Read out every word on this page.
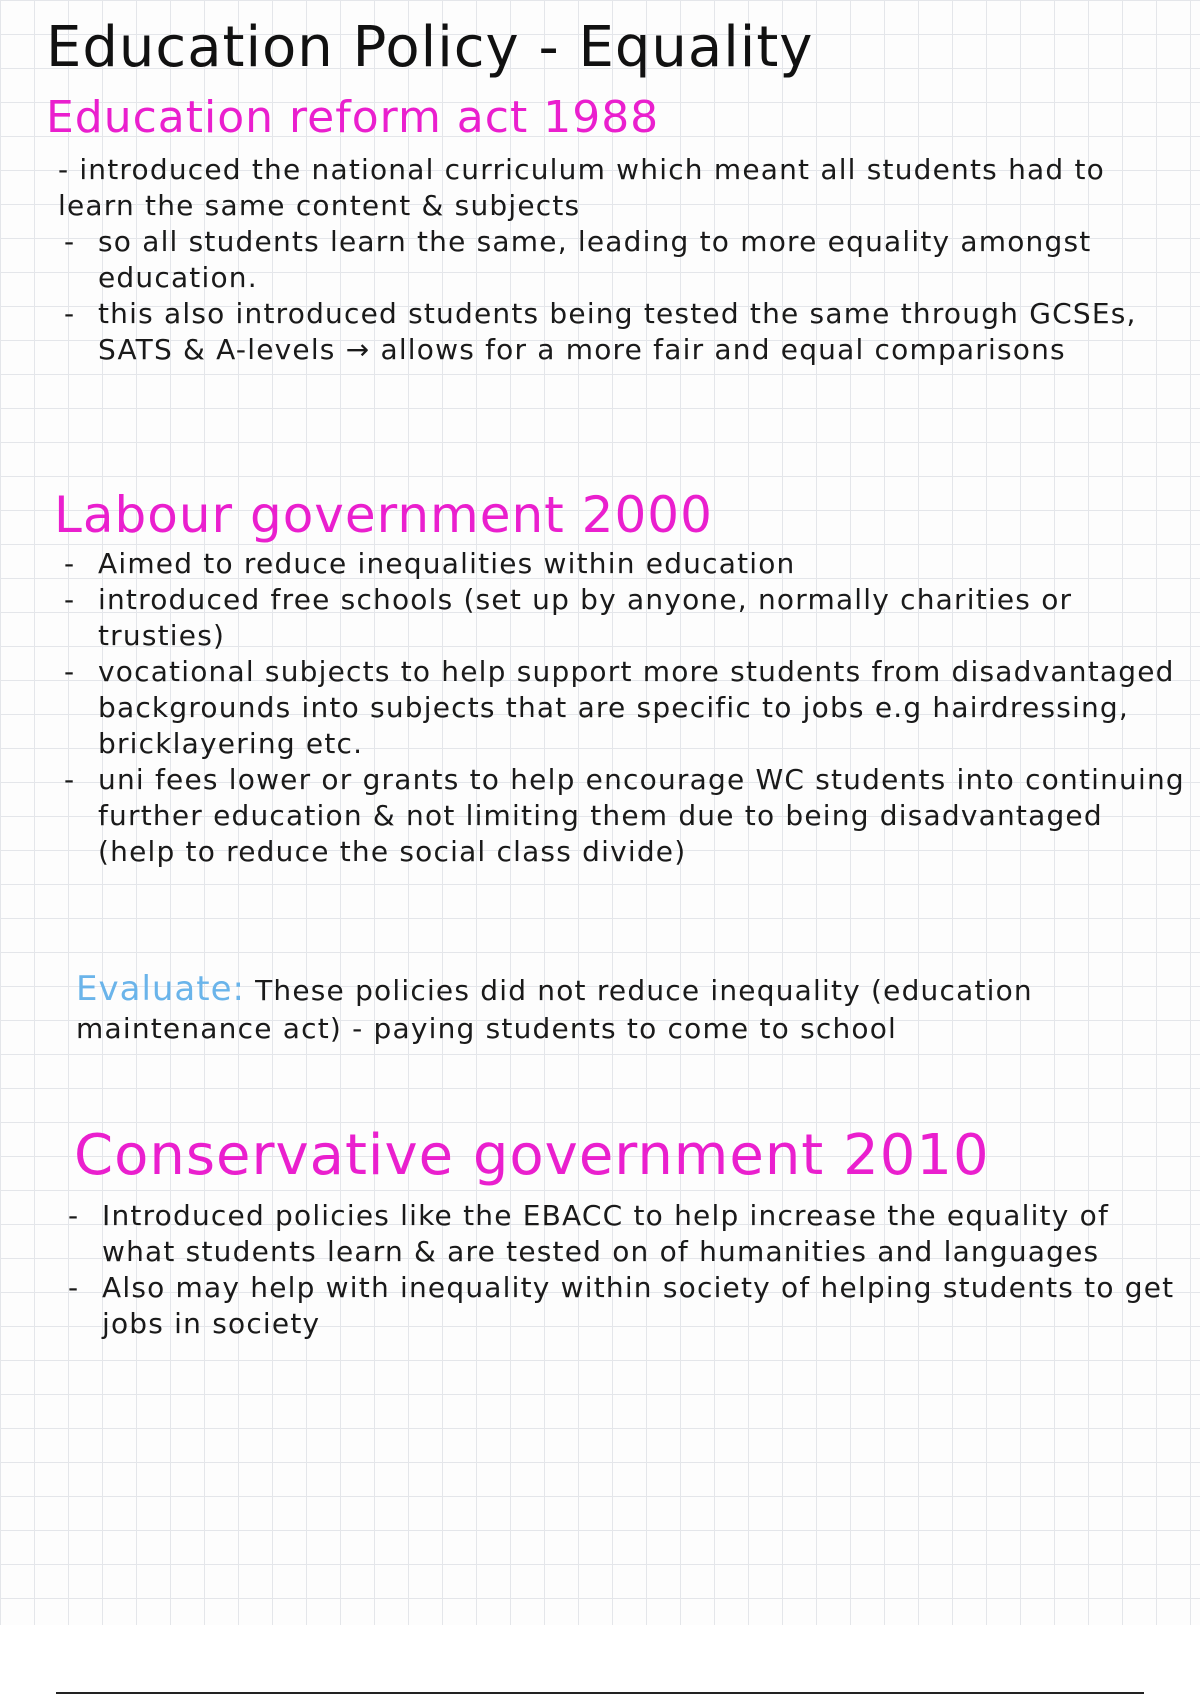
Education Policy - Equality
Education reform act 1988
- introduced the national curriculum which meant all students had to learn the same content & subjects
- so all students learn the same, leading to more equality amongst education.
- this also introduced students being tested the same through GCSEs, SATS & A-levels → allows for a more fair and equal comparisons
Labour government 2000
- Aimed to reduce inequalities within education
- introduced free schools (set up by anyone, normally charities or trusties)
- vocational subjects to help support more students from disadvantaged backgrounds into subjects that are specific to jobs e.g hairdressing, bricklayering etc.
- uni fees lower or grants to help encourage WC students into continuing further education & not limiting them due to being disadvantaged (help to reduce the social class divide)
Evaluate: These policies did not reduce inequality (education maintenance act) - paying students to come to school
Conservative government 2010
- Introduced policies like the EBACC to help increase the equality of what students learn & are tested on of humanities and languages
- Also may help with inequality within society of helping students to get jobs in society
